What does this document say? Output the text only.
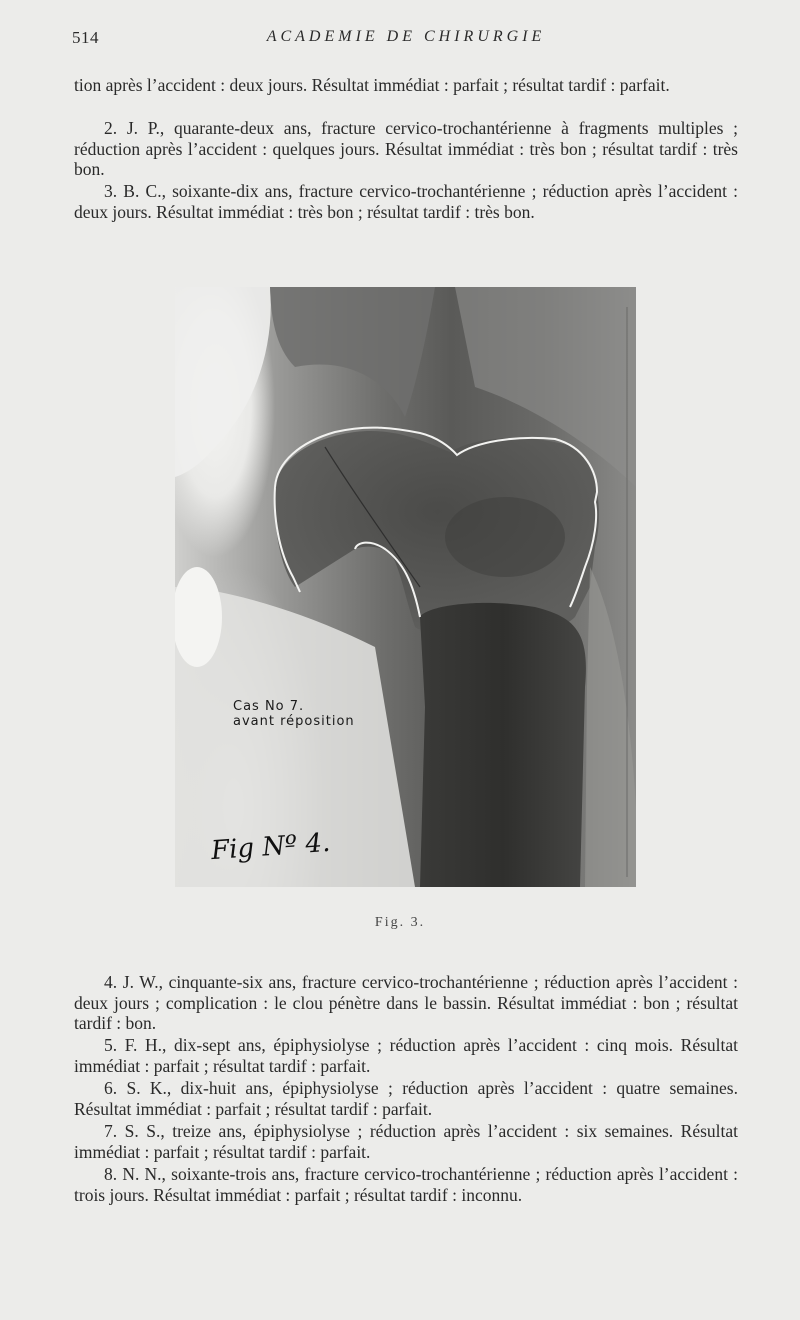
514	ACADEMIE DE CHIRURGIE

tion après l’accident : deux jours. Résultat immédiat : parfait ; résultat tardif : parfait.

2. J. P., quarante-deux ans, fracture cervico-trochantérienne à fragments multiples ; réduction après l’accident : quelques jours. Résultat immédiat : très bon ; résultat tardif : très bon.

3. B. C., soixante-dix ans, fracture cervico-trochantérienne ; réduction après l’accident : deux jours. Résultat immédiat : très bon ; résultat tardif : très bon.

Cas No 7.
avant réposition
Fig Nº 4.
Fig. 3.

4. J. W., cinquante-six ans, fracture cervico-trochantérienne ; réduction après l’accident : deux jours ; complication : le clou pénètre dans le bassin. Résultat immédiat : bon ; résultat tardif : bon.

5. F. H., dix-sept ans, épiphysiolyse ; réduction après l’accident : cinq mois. Résultat immédiat : parfait ; résultat tardif : parfait.

6. S. K., dix-huit ans, épiphysiolyse ; réduction après l’accident : quatre semaines. Résultat immédiat : parfait ; résultat tardif : parfait.

7. S. S., treize ans, épiphysiolyse ; réduction après l’accident : six semaines. Résultat immédiat : parfait ; résultat tardif : parfait.

8. N. N., soixante-trois ans, fracture cervico-trochantérienne ; réduction après l’accident : trois jours. Résultat immédiat : parfait ; résultat tardif : inconnu.
